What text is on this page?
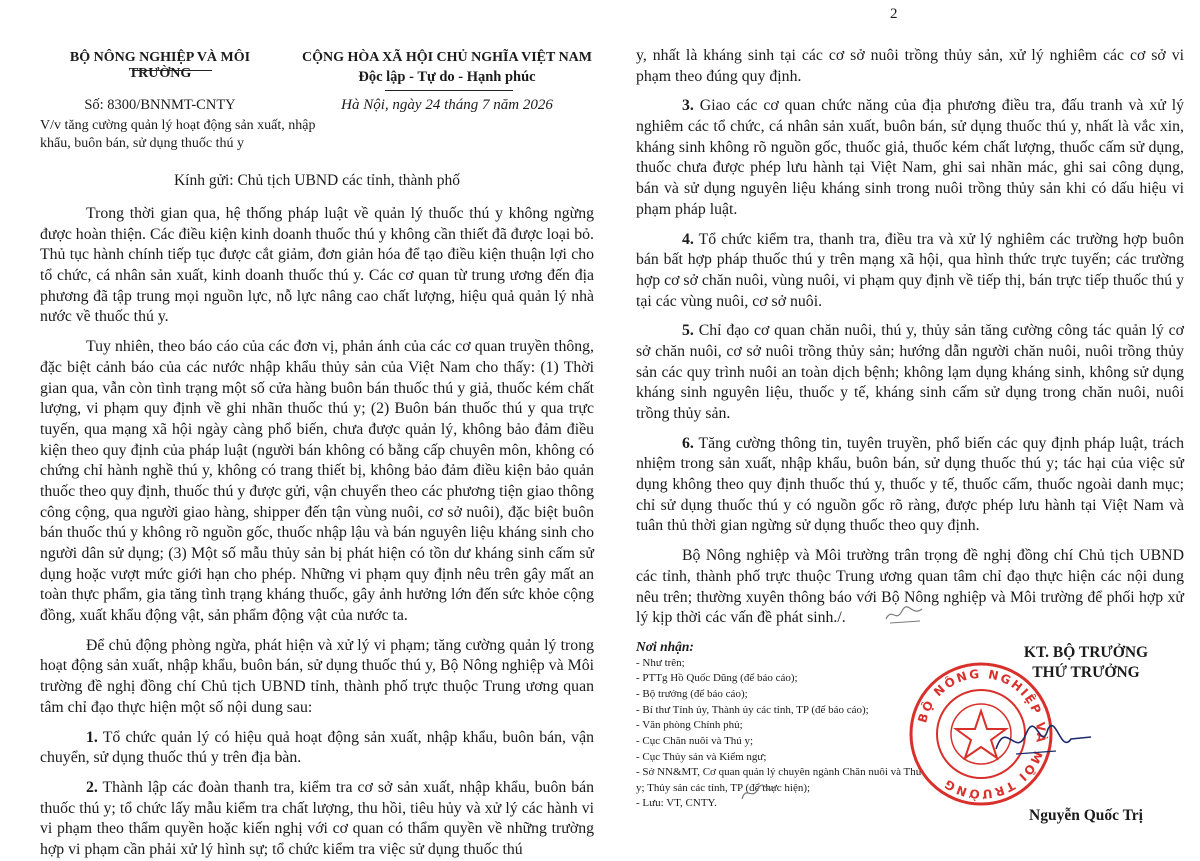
BỘ NÔNG NGHIỆP VÀ MÔI TRƯỜNG
CỘNG HÒA XÃ HỘI CHỦ NGHĨA VIỆT NAM
Độc lập - Tự do - Hạnh phúc
Số: 8300/BNNMT-CNTY	Hà Nội, ngày 24 tháng 7 năm 2026
V/v tăng cường quản lý hoạt động sản xuất, nhập khẩu, buôn bán, sử dụng thuốc thú y
Kính gửi: Chủ tịch UBND các tỉnh, thành phố

Trong thời gian qua, hệ thống pháp luật về quản lý thuốc thú y không ngừng được hoàn thiện. Các điều kiện kinh doanh thuốc thú y không cần thiết đã được loại bỏ. Thủ tục hành chính tiếp tục được cắt giảm, đơn giản hóa để tạo điều kiện thuận lợi cho tổ chức, cá nhân sản xuất, kinh doanh thuốc thú y. Các cơ quan từ trung ương đến địa phương đã tập trung mọi nguồn lực, nỗ lực nâng cao chất lượng, hiệu quả quản lý nhà nước về thuốc thú y.

Tuy nhiên, theo báo cáo của các đơn vị, phản ánh của các cơ quan truyền thông, đặc biệt cảnh báo của các nước nhập khẩu thủy sản của Việt Nam cho thấy: (1) Thời gian qua, vẫn còn tình trạng một số cửa hàng buôn bán thuốc thú y giả, thuốc kém chất lượng, vi phạm quy định về ghi nhãn thuốc thú y; (2) Buôn bán thuốc thú y qua trực tuyến, qua mạng xã hội ngày càng phổ biến, chưa được quản lý, không bảo đảm điều kiện theo quy định của pháp luật (người bán không có bằng cấp chuyên môn, không có chứng chỉ hành nghề thú y, không có trang thiết bị, không bảo đảm điều kiện bảo quản thuốc theo quy định, thuốc thú y được gửi, vận chuyển theo các phương tiện giao thông công cộng, qua người giao hàng, shipper đến tận vùng nuôi, cơ sở nuôi), đặc biệt buôn bán thuốc thú y không rõ nguồn gốc, thuốc nhập lậu và bán nguyên liệu kháng sinh cho người dân sử dụng; (3) Một số mẫu thủy sản bị phát hiện có tồn dư kháng sinh cấm sử dụng hoặc vượt mức giới hạn cho phép. Những vi phạm quy định nêu trên gây mất an toàn thực phẩm, gia tăng tình trạng kháng thuốc, gây ảnh hưởng lớn đến sức khỏe cộng đồng, xuất khẩu động vật, sản phẩm động vật của nước ta.

Để chủ động phòng ngừa, phát hiện và xử lý vi phạm; tăng cường quản lý trong hoạt động sản xuất, nhập khẩu, buôn bán, sử dụng thuốc thú y, Bộ Nông nghiệp và Môi trường đề nghị đồng chí Chủ tịch UBND tỉnh, thành phố trực thuộc Trung ương quan tâm chỉ đạo thực hiện một số nội dung sau:

1. Tổ chức quản lý có hiệu quả hoạt động sản xuất, nhập khẩu, buôn bán, vận chuyển, sử dụng thuốc thú y trên địa bàn.

2. Thành lập các đoàn thanh tra, kiểm tra cơ sở sản xuất, nhập khẩu, buôn bán thuốc thú y; tổ chức lấy mẫu kiểm tra chất lượng, thu hồi, tiêu hủy và xử lý các hành vi vi phạm theo thẩm quyền hoặc kiến nghị với cơ quan có thẩm quyền về những trường hợp vi phạm cần phải xử lý hình sự; tổ chức kiểm tra việc sử dụng thuốc thú

2

y, nhất là kháng sinh tại các cơ sở nuôi trồng thủy sản, xử lý nghiêm các cơ sở vi phạm theo đúng quy định.

3. Giao các cơ quan chức năng của địa phương điều tra, đấu tranh và xử lý nghiêm các tổ chức, cá nhân sản xuất, buôn bán, sử dụng thuốc thú y, nhất là vắc xin, kháng sinh không rõ nguồn gốc, thuốc giả, thuốc kém chất lượng, thuốc cấm sử dụng, thuốc chưa được phép lưu hành tại Việt Nam, ghi sai nhãn mác, ghi sai công dụng, bán và sử dụng nguyên liệu kháng sinh trong nuôi trồng thủy sản khi có dấu hiệu vi phạm pháp luật.

4. Tổ chức kiểm tra, thanh tra, điều tra và xử lý nghiêm các trường hợp buôn bán bất hợp pháp thuốc thú y trên mạng xã hội, qua hình thức trực tuyến; các trường hợp cơ sở chăn nuôi, vùng nuôi, vi phạm quy định về tiếp thị, bán trực tiếp thuốc thú y tại các vùng nuôi, cơ sở nuôi.

5. Chỉ đạo cơ quan chăn nuôi, thú y, thủy sản tăng cường công tác quản lý cơ sở chăn nuôi, cơ sở nuôi trồng thủy sản; hướng dẫn người chăn nuôi, nuôi trồng thủy sản các quy trình nuôi an toàn dịch bệnh; không lạm dụng kháng sinh, không sử dụng kháng sinh nguyên liệu, thuốc y tế, kháng sinh cấm sử dụng trong chăn nuôi, nuôi trồng thủy sản.

6. Tăng cường thông tin, tuyên truyền, phổ biến các quy định pháp luật, trách nhiệm trong sản xuất, nhập khẩu, buôn bán, sử dụng thuốc thú y; tác hại của việc sử dụng không theo quy định thuốc thú y, thuốc y tế, thuốc cấm, thuốc ngoài danh mục; chỉ sử dụng thuốc thú y có nguồn gốc rõ ràng, được phép lưu hành tại Việt Nam và tuân thủ thời gian ngừng sử dụng thuốc theo quy định.

Bộ Nông nghiệp và Môi trường trân trọng đề nghị đồng chí Chủ tịch UBND các tỉnh, thành phố trực thuộc Trung ương quan tâm chỉ đạo thực hiện các nội dung nêu trên; thường xuyên thông báo với Bộ Nông nghiệp và Môi trường để phối hợp xử lý kịp thời các vấn đề phát sinh./.

Nơi nhận:
- Như trên;
- PTTg Hồ Quốc Dũng (để báo cáo);
- Bộ trưởng (để báo cáo);
- Bí thư Tỉnh ủy, Thành ủy các tỉnh, TP (để báo cáo);
- Văn phòng Chính phủ;
- Cục Chăn nuôi và Thú y;
- Cục Thủy sản và Kiểm ngư;
- Sở NN&MT, Cơ quan quản lý chuyên ngành Chăn nuôi và Thú y; Thủy sản các tỉnh, TP (để thực hiện);
- Lưu: VT, CNTY.
BỘ NÔNG NGHIỆP VÀ MÔI TRƯỜNG
KT. BỘ TRƯỞNG
THỨ TRƯỞNG
Nguyễn Quốc Trị
